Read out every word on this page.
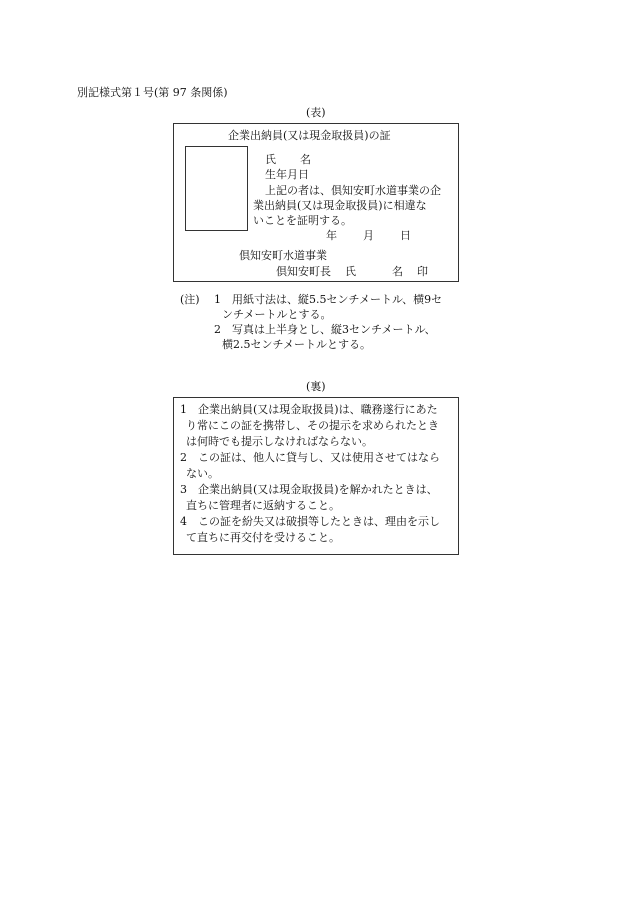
別記様式第１号(第 97 条関係)
(表)
企業出納員(又は現金取扱員)の証
氏 名
生年月日
上記の者は、倶知安町水道事業の企
業出納員(又は現金取扱員)に相違な
いことを証明する。
年 月 日
倶知安町水道事業
倶知安町長 氏	名 印
(注) 1　用紙寸法は、縦5.5センチメートル、横9セ
ンチメートルとする。
2　写真は上半身とし、縦3センチメートル、
横2.5センチメートルとする。
(裏)
1　企業出納員(又は現金取扱員)は、職務遂行にあた
り常にこの証を携帯し、その提示を求められたとき
は何時でも提示しなければならない。
2　この証は、他人に貸与し、又は使用させてはなら
ない。
3　企業出納員(又は現金取扱員)を解かれたときは、
直ちに管理者に返納すること。
4　この証を紛失又は破損等したときは、理由を示し
て直ちに再交付を受けること。
